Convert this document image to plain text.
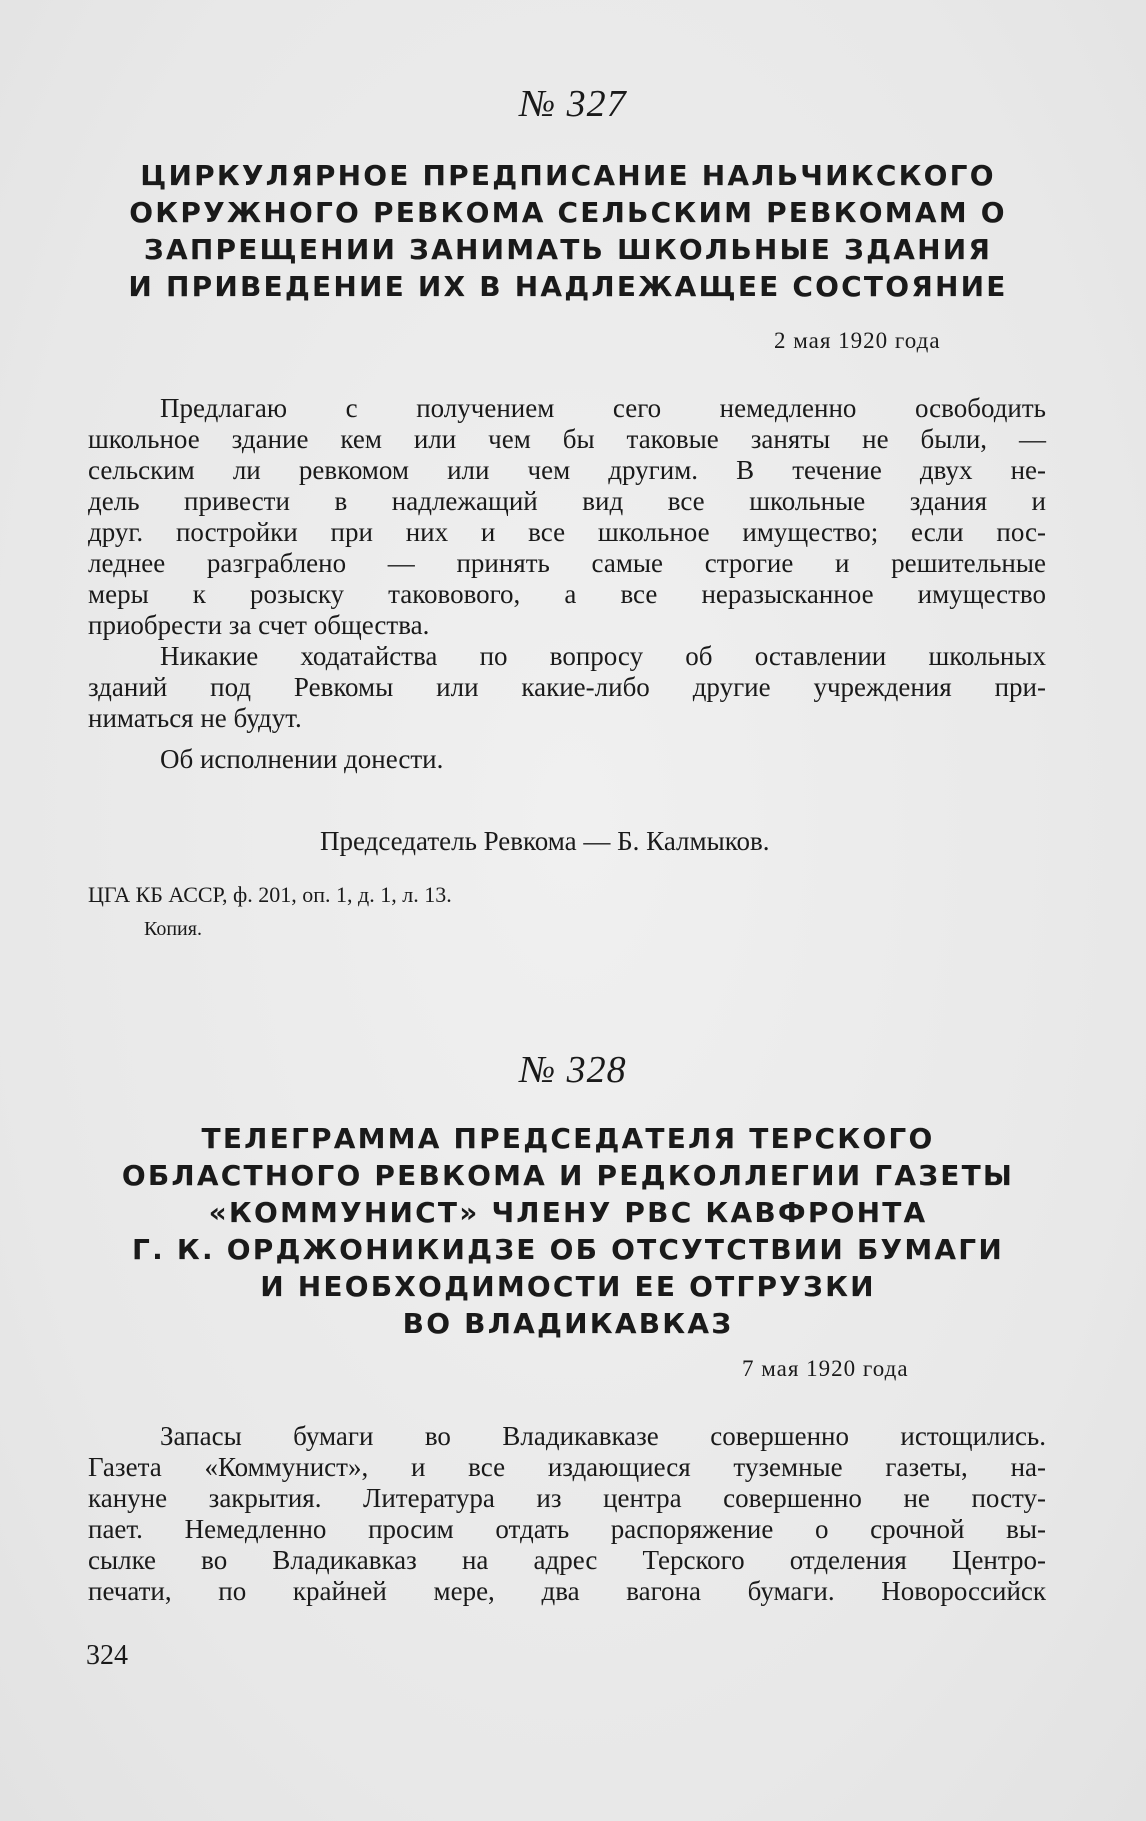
№ 327
ЦИРКУЛЯРНОЕ ПРЕДПИСАНИЕ НАЛЬЧИКСКОГО
ОКРУЖНОГО РЕВКОМА СЕЛЬСКИМ РЕВКОМАМ О
ЗАПРЕЩЕНИИ ЗАНИМАТЬ ШКОЛЬНЫЕ ЗДАНИЯ
И ПРИВЕДЕНИЕ ИХ В НАДЛЕЖАЩЕЕ СОСТОЯНИЕ
2 мая 1920 года
Предлагаю с получением сего немедленно освободить
школьное здание кем или чем бы таковые заняты не были, —
сельским ли ревкомом или чем другим. В течение двух не-
дель привести в надлежащий вид все школьные здания и
друг. постройки при них и все школьное имущество; если пос-
леднее разграблено — принять самые строгие и решительные
меры к розыску таковового, а все неразысканное имущество
приобрести за счет общества.
Никакие ходатайства по вопросу об оставлении школьных
зданий под Ревкомы или какие-либо другие учреждения при-
ниматься не будут.
Об исполнении донести.
Председатель Ревкома — Б. Калмыков.
ЦГА КБ АССР, ф. 201, оп. 1, д. 1, л. 13.
Копия.
№ 328
ТЕЛЕГРАММА ПРЕДСЕДАТЕЛЯ ТЕРСКОГО
ОБЛАСТНОГО РЕВКОМА И РЕДКОЛЛЕГИИ ГАЗЕТЫ
«КОММУНИСТ» ЧЛЕНУ РВС КАВФРОНТА
Г. К. ОРДЖОНИКИДЗЕ ОБ ОТСУТСТВИИ БУМАГИ
И НЕОБХОДИМОСТИ ЕЕ ОТГРУЗКИ
ВО ВЛАДИКАВКАЗ
7 мая 1920 года
Запасы бумаги во Владикавказе совершенно истощились.
Газета «Коммунист», и все издающиеся туземные газеты, на-
кануне закрытия. Литература из центра совершенно не посту-
пает. Немедленно просим отдать распоряжение о срочной вы-
сылке во Владикавказ на адрес Терского отделения Центро-
печати, по крайней мере, два вагона бумаги. Новороссийск
324
